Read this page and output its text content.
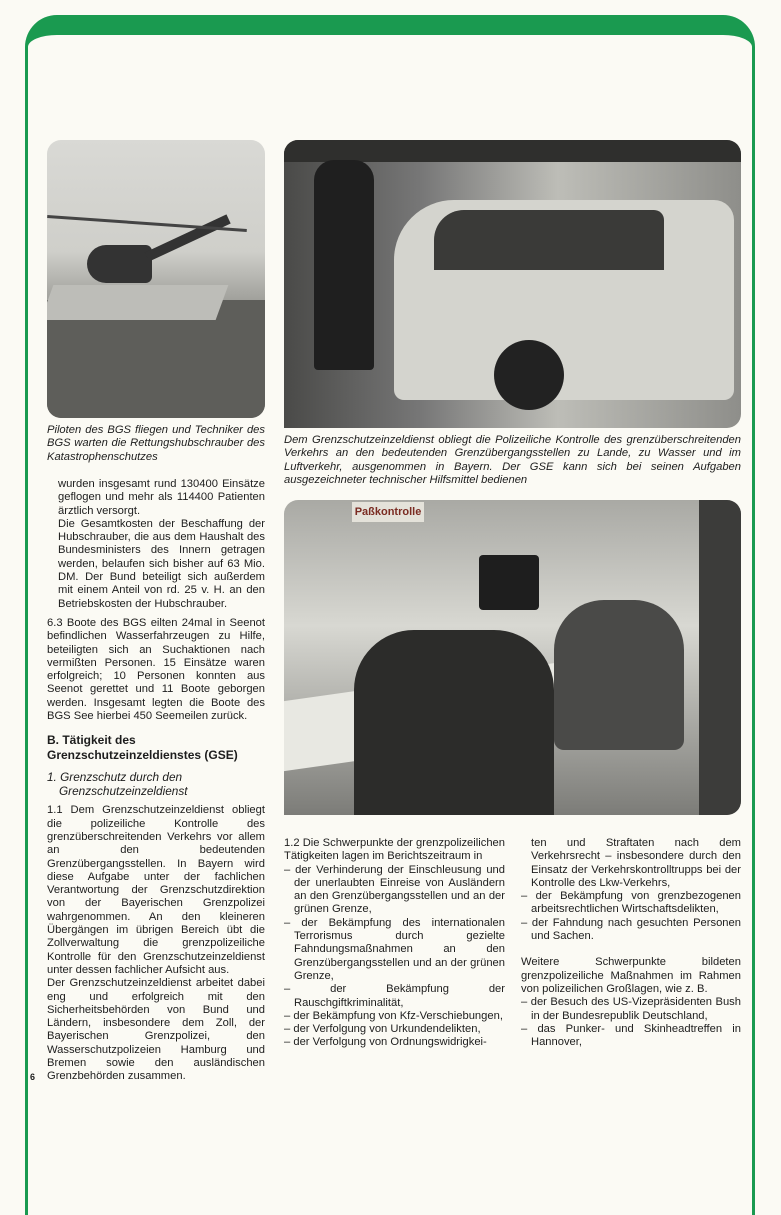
Paßkontrolle
Piloten des BGS fliegen und Techniker des BGS warten die Rettungshubschrauber des Katastrophenschutzes
Dem Grenzschutzeinzeldienst obliegt die Polizeiliche Kontrolle des grenzüberschreitenden Verkehrs an den bedeutenden Grenzübergangsstellen zu Lande, zu Wasser und im Luftverkehr, ausgenommen in Bayern. Der GSE kann sich bei seinen Aufgaben ausgezeichneter technischer Hilfsmittel bedienen

wurden insgesamt rund 130400 Einsätze geflogen und mehr als 114400 Patienten ärztlich versorgt.

Die Gesamtkosten der Beschaffung der Hubschrauber, die aus dem Haushalt des Bundesministers des Innern getragen werden, belaufen sich bisher auf 63 Mio. DM. Der Bund beteiligt sich außerdem mit einem Anteil von rd. 25 v. H. an den Betriebskosten der Hubschrauber.

6.3 Boote des BGS eilten 24mal in Seenot befindlichen Wasserfahrzeugen zu Hilfe, beteiligten sich an Suchaktionen nach vermißten Personen. 15 Einsätze waren erfolgreich; 10 Personen konnten aus Seenot gerettet und 11 Boote geborgen werden. Insgesamt legten die Boote des BGS See hierbei 450 Seemeilen zurück.

B. Tätigkeit des Grenzschutzeinzeldienstes (GSE)

1. Grenzschutz durch den Grenzschutzeinzeldienst

1.1 Dem Grenzschutzeinzeldienst obliegt die polizeiliche Kontrolle des grenzüberschreitenden Verkehrs vor allem an den bedeutenden Grenzübergangsstellen. In Bayern wird diese Aufgabe unter der fachlichen Verantwortung der Grenzschutzdirektion von der Bayerischen Grenzpolizei wahrgenommen. An den kleineren Übergängen im übrigen Bereich übt die Zollverwaltung die grenzpolizeiliche Kontrolle für den Grenzschutzeinzeldienst unter dessen fachlicher Aufsicht aus.

Der Grenzschutzeinzeldienst arbeitet dabei eng und erfolgreich mit den Sicherheitsbehörden von Bund und Ländern, insbesondere dem Zoll, der Bayerischen Grenzpolizei, den Wasserschutzpolizeien Hamburg und Bremen sowie den ausländischen Grenzbehörden zusammen.

1.2 Die Schwerpunkte der grenzpolizeilichen Tätigkeiten lagen im Berichtszeitraum in

– der Verhinderung der Einschleusung und der unerlaubten Einreise von Ausländern an den Grenzübergangsstellen und an der grünen Grenze,
– der Bekämpfung des internationalen Terrorismus durch gezielte Fahndungsmaßnahmen an den Grenzübergangsstellen und an der grünen Grenze,
– der Bekämpfung der Rauschgiftkriminalität,
– der Bekämpfung von Kfz-Verschiebungen,
– der Verfolgung von Urkundendelikten,
– der Verfolgung von Ordnungswidrigkei-

ten und Straftaten nach dem Verkehrsrecht – insbesondere durch den Einsatz der Verkehrskontrolltrupps bei der Kontrolle des Lkw-Verkehrs,

– der Bekämpfung von grenzbezogenen arbeitsrechtlichen Wirtschaftsdelikten,
– der Fahndung nach gesuchten Personen und Sachen.

Weitere Schwerpunkte bildeten grenzpolizeiliche Maßnahmen im Rahmen von polizeilichen Großlagen, wie z. B.

– der Besuch des US-Vizepräsidenten Bush in der Bundesrepublik Deutschland,
– das Punker- und Skinheadtreffen in Hannover,
6
